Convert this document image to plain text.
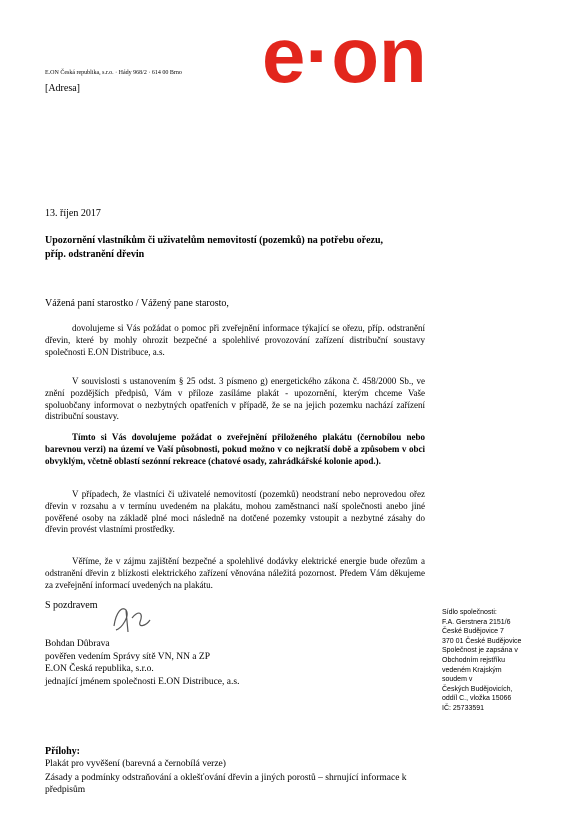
E.ON Česká republika, s.r.o. · Hády 968/2 · 614 00 Brno
[Adresa] e·on
13. říjen 2017
Upozornění vlastníkům či uživatelům nemovitostí (pozemků) na potřebu ořezu,
příp. odstranění dřevin
Vážená paní starostko / Vážený pane starosto,
dovolujeme si Vás požádat o pomoc při zveřejnění informace týkající se ořezu, příp. odstranění dřevin, které by mohly ohrozit bezpečné a spolehlivé provozování zařízení distribuční soustavy společnosti E.ON Distribuce, a.s.
V souvislosti s ustanovením § 25 odst. 3 písmeno g) energetického zákona č. 458/2000 Sb., ve znění pozdějších předpisů, Vám v příloze zasíláme plakát - upozornění, kterým chceme Vaše spoluobčany informovat o nezbytných opatřeních v případě, že se na jejich pozemku nachází zařízení distribuční soustavy.
Tímto si Vás dovolujeme požádat o zveřejnění přiloženého plakátu (černobílou nebo barevnou verzi) na území ve Vaší působnosti, pokud možno v co nejkratší době a způsobem v obci obvyklým, včetně oblastí sezónní rekreace (chatové osady, zahrádkářské kolonie apod.).
V případech, že vlastníci či uživatelé nemovitostí (pozemků) neodstraní nebo neprovedou ořez dřevin v rozsahu a v termínu uvedeném na plakátu, mohou zaměstnanci naší společnosti anebo jiné pověřené osoby na základě plné moci následně na dotčené pozemky vstoupit a nezbytné zásahy do dřevin provést vlastními prostředky.
Věříme, že v zájmu zajištění bezpečné a spolehlivé dodávky elektrické energie bude ořezům a odstranění dřevin z blízkosti elektrického zařízení věnována náležitá pozornost. Předem Vám děkujeme za zveřejnění informací uvedených na plakátu.
S pozdravem
Bohdan Dûbrava
pověřen vedením Správy sítě VN, NN a ZP
E.ON Česká republika, s.r.o.
jednající jménem společnosti E.ON Distribuce, a.s.
Sídlo společnosti:
F.A. Gerstnera 2151/6
České Budějovice 7
370 01 České Budějovice
Společnost je zapsána v
Obchodním rejstříku
vedeném Krajským
soudem v
Českých Budějovicích,
oddíl C., vložka 15066
IČ: 25733591
Přílohy:
Plakát pro vyvěšení (barevná a černobílá verze)
Zásady a podmínky odstraňování a oklešťování dřevin a jiných porostů – shrnující informace k předpisům
